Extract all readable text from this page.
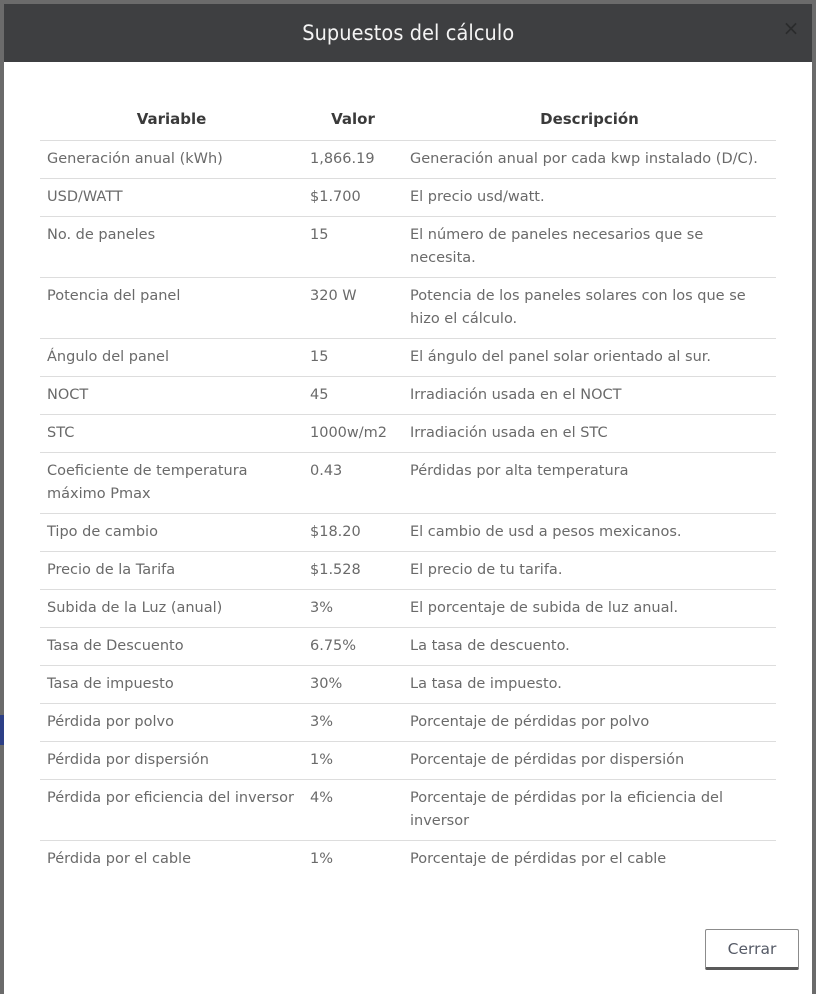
Supuestos del cálculo	×
Variable	Valor	Descripción
Generación anual (kWh)	1,866.19	Generación anual por cada kwp instalado (D/C).
USD/WATT	$1.700	El precio usd/watt.
No. de paneles	15	El número de paneles necesarios que se necesita.
Potencia del panel	320 W	Potencia de los paneles solares con los que se hizo el cálculo.
Ángulo del panel	15	El ángulo del panel solar orientado al sur.
NOCT	45	Irradiación usada en el NOCT
STC	1000w/m2	Irradiación usada en el STC
Coeficiente de temperatura máximo Pmax	0.43	Pérdidas por alta temperatura
Tipo de cambio	$18.20	El cambio de usd a pesos mexicanos.
Precio de la Tarifa	$1.528	El precio de tu tarifa.
Subida de la Luz (anual)	3%	El porcentaje de subida de luz anual.
Tasa de Descuento	6.75%	La tasa de descuento.
Tasa de impuesto	30%	La tasa de impuesto.
Pérdida por polvo	3%	Porcentaje de pérdidas por polvo
Pérdida por dispersión	1%	Porcentaje de pérdidas por dispersión
Pérdida por eficiencia del inversor	4%	Porcentaje de pérdidas por la eficiencia del inversor
Pérdida por el cable	1%	Porcentaje de pérdidas por el cable
Cerrar
